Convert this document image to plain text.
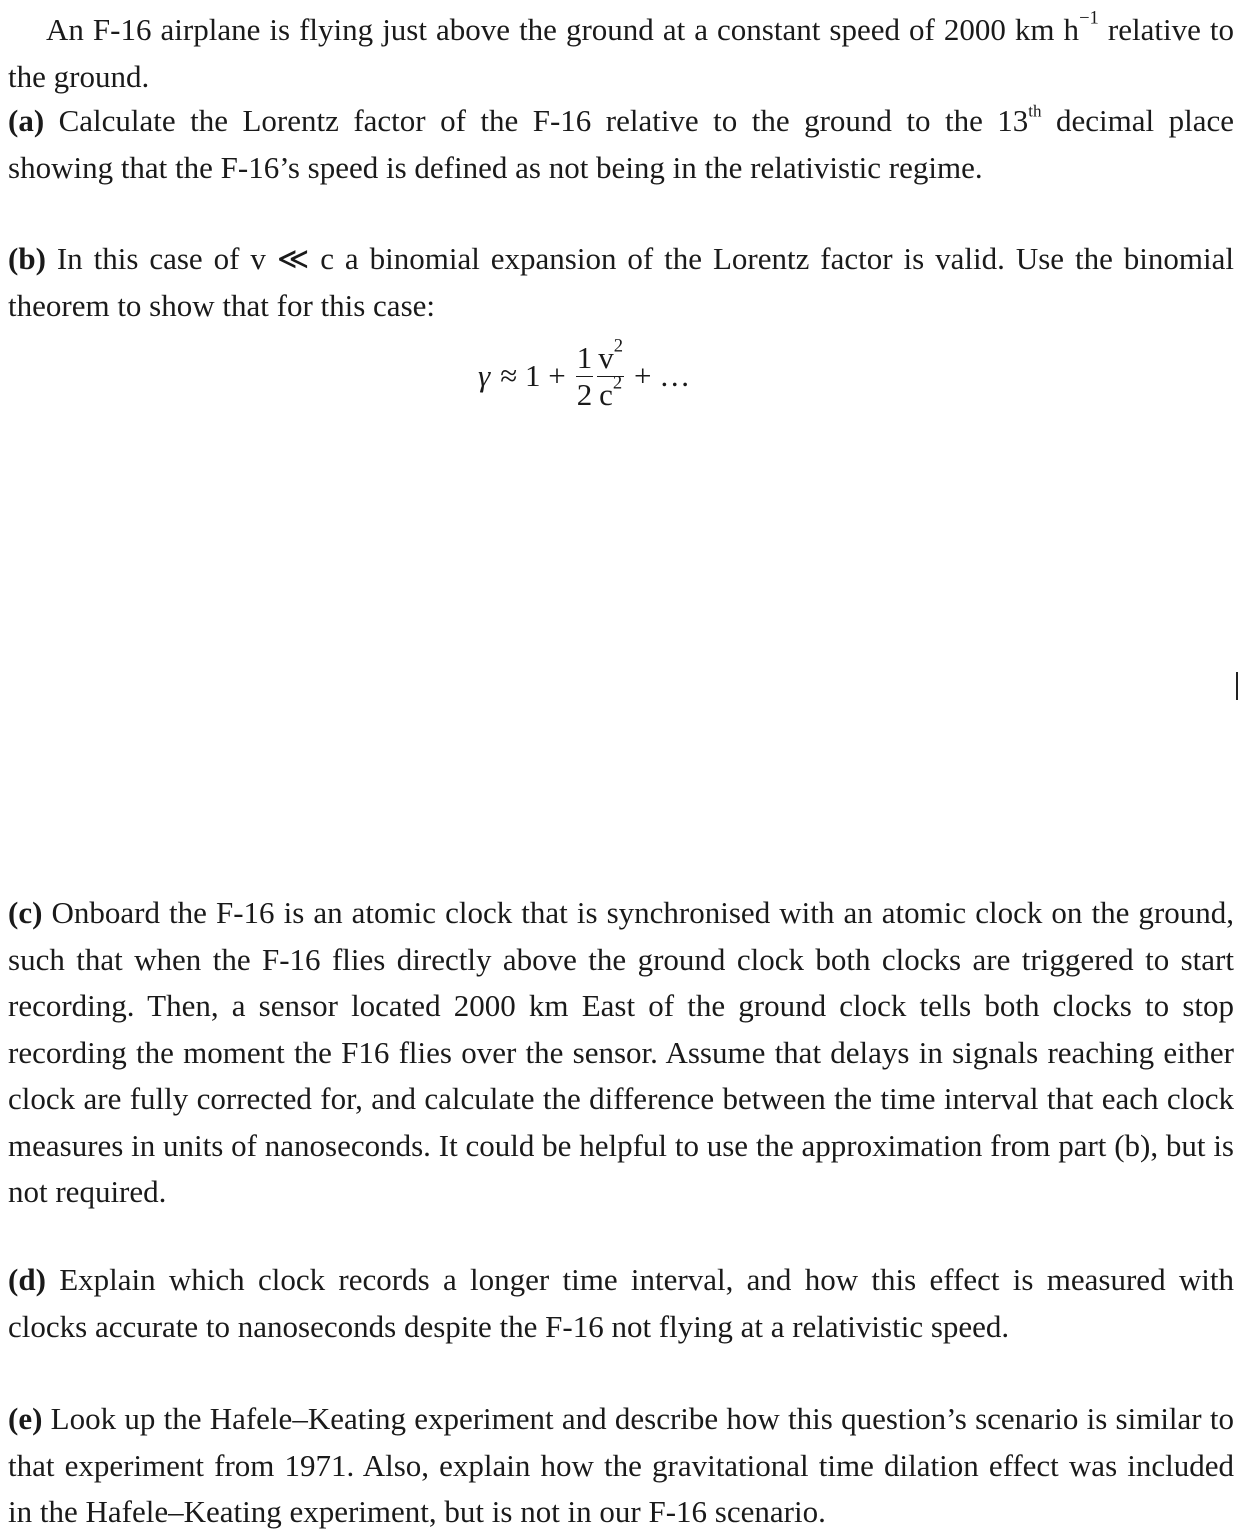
An F-16 airplane is flying just above the ground at a constant speed of 2000 km $h^{-1}$ relative to the ground.

(a) Calculate the Lorentz factor of the F-16 relative to the ground to the 13th decimal place showing that the F-16’s speed is defined as not being in the relativistic regime.

(b) In this case of v ≪ c a binomial expansion of the Lorentz factor is valid. Use the binomial theorem to show that for this case:

$\gamma \approx 1 + \frac{1}{2} \frac{v^2}{c^2}$ + …

(c) Onboard the F-16 is an atomic clock that is synchronised with an atomic clock on the ground, such that when the F-16 flies directly above the ground clock both clocks are triggered to start recording. Then, a sensor located 2000 km East of the ground clock tells both clocks to stop recording the moment the F16 flies over the sensor. Assume that delays in signals reaching either clock are fully corrected for, and calculate the difference between the time interval that each clock measures in units of nanoseconds. It could be helpful to use the approximation from part (b), but is not required.

(d) Explain which clock records a longer time interval, and how this effect is measured with clocks accurate to nanoseconds despite the F-16 not flying at a relativistic speed.

(e) Look up the Hafele–Keating experiment and describe how this question’s scenario is similar to that experiment from 1971. Also, explain how the gravitational time dilation effect was included in the Hafele–Keating experiment, but is not in our F-16 scenario.
